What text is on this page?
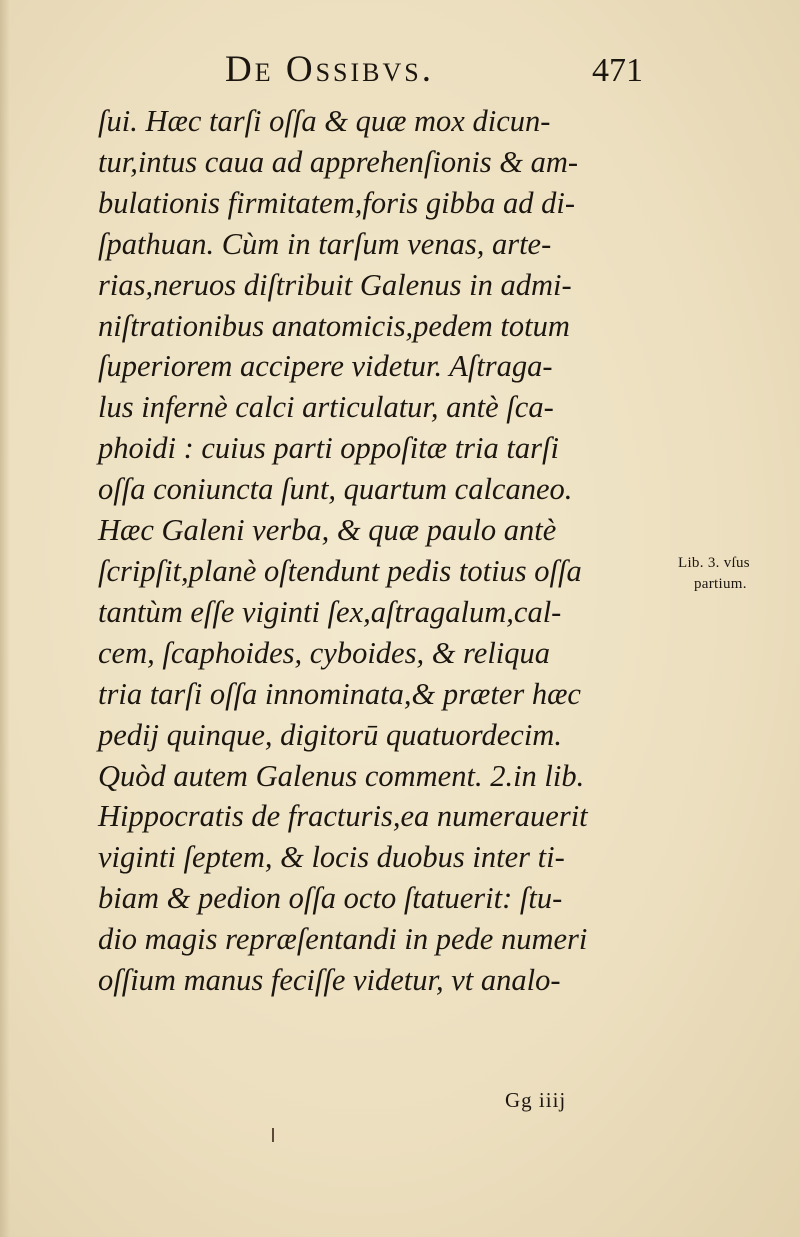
De Ossibvs.	471
ſui. Hæc tarſi oſſa & quæ mox dicun-
tur,intus caua ad apprehenſionis & am-
bulationis firmitatem,foris gibba ad di-
ſpathuan. Cùm in tarſum venas, arte-
rias,neruos diſtribuit Galenus in admi-
niſtrationibus anatomicis,pedem totum
ſuperiorem accipere videtur. Aſtraga-
lus infernè calci articulatur, antè ſca-
phoidi : cuius parti oppoſitæ tria tarſi
oſſa coniuncta ſunt, quartum calcaneo.
Hæc Galeni verba, & quæ paulo antè
ſcripſit,planè oſtendunt pedis totius oſſa
tantùm eſſe viginti ſex,aſtragalum,cal-
cem, ſcaphoides, cyboides, & reliqua
tria tarſi oſſa innominata,& præter hæc
pedij quinque, digitorū quatuordecim.
Quòd autem Galenus comment. 2.in lib.
Hippocratis de fracturis,ea numerauerit
viginti ſeptem, & locis duobus inter ti-
biam & pedion oſſa octo ſtatuerit: ſtu-
dio magis repræſentandi in pede numeri
oſſium manus feciſſe videtur, vt analo-
Lib. 3. vſus
partium.
Gg iiij
